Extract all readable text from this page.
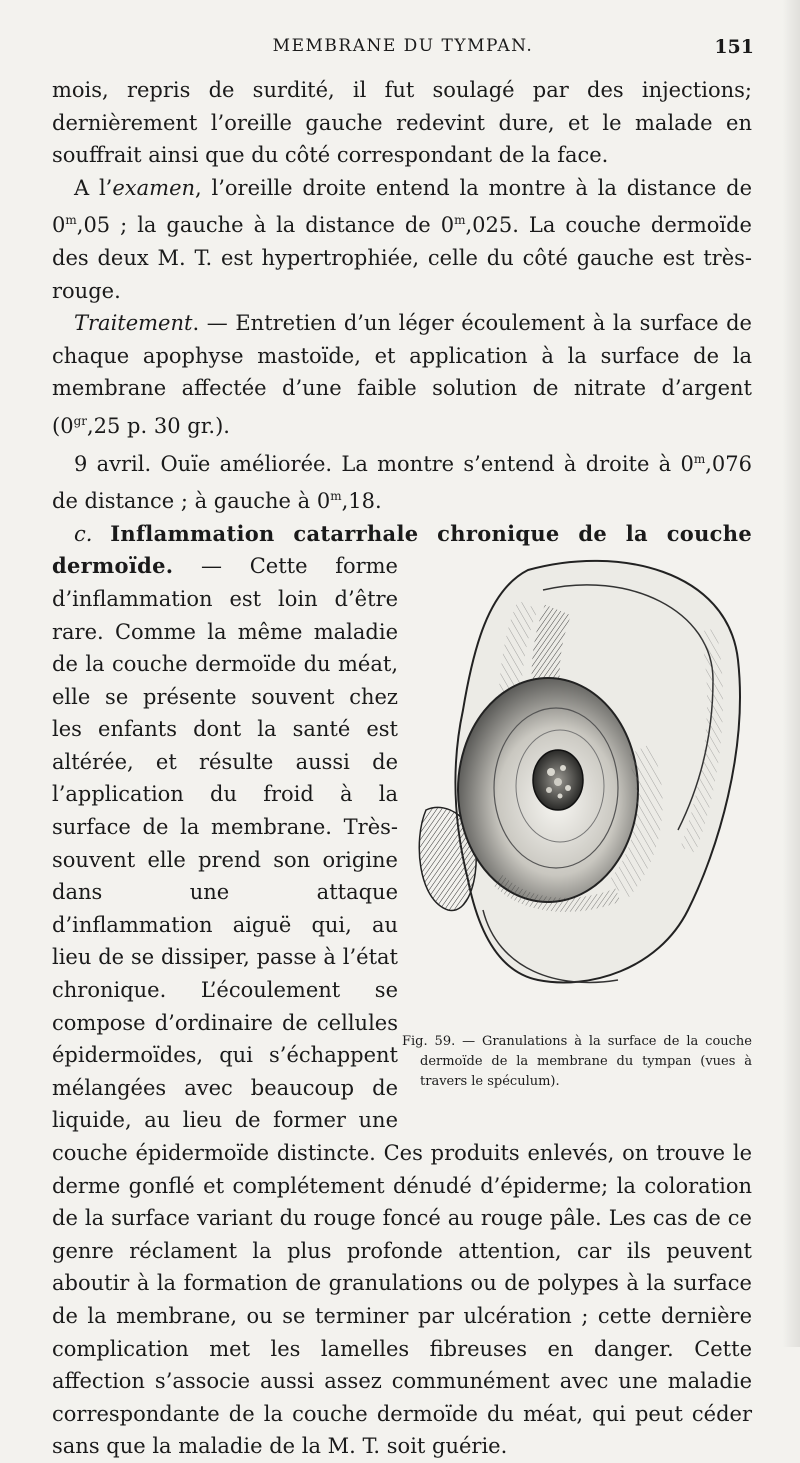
MEMBRANE DU TYMPAN.	151

mois, repris de surdité, il fut soulagé par des injections; dernièrement l’oreille gauche redevint dure, et le malade en souffrait ainsi que du côté correspondant de la face.

A l’examen, l’oreille droite entend la montre à la distance de 0$^m$,05 ; la gauche à la distance de 0$^m$,025. La couche dermoïde des deux M. T. est hypertrophiée, celle du côté gauche est très-rouge.

Traitement. — Entretien d’un léger écoulement à la surface de chaque apophyse mastoïde, et application à la surface de la membrane affectée d’une faible solution de nitrate d’argent ($0^{gr},25$ p. 30 gr.).

9 avril. Ouïe améliorée. La montre s’entend à droite à 0$^m$,076 de distance ; à gauche à 0$^m$,18.

c. Inflammation catarrhale chronique de la couche dermoïde.
Fig. 59. — Granulations à la surface de la couche dermoïde de la membrane du tympan (vues à travers le spéculum).
— Cette forme d’inflammation est loin d’être rare. Comme la même maladie de la couche dermoïde du méat, elle se présente souvent chez les enfants dont la santé est altérée, et résulte aussi de l’application du froid à la surface de la membrane. Très-souvent elle prend son origine dans une attaque d’inflammation aiguë qui, au lieu de se dissiper, passe à l’état chronique. L’écoulement se compose d’ordinaire de cellules épidermoïdes, qui s’échappent mélangées avec beaucoup de liquide, au lieu de former une couche épidermoïde distincte. Ces produits enlevés, on trouve le derme gonflé et complétement dénudé d’épiderme; la coloration de la surface variant du rouge foncé au rouge pâle. Les cas de ce genre réclament la plus profonde attention, car ils peuvent aboutir à la formation de granulations ou de polypes à la surface de la membrane, ou se terminer par ulcération ; cette dernière complication met les lamelles fibreuses en danger. Cette affection s’associe aussi assez communément avec une maladie correspondante de la couche dermoïde du méat, qui peut céder sans que la maladie de la M. T. soit guérie.
